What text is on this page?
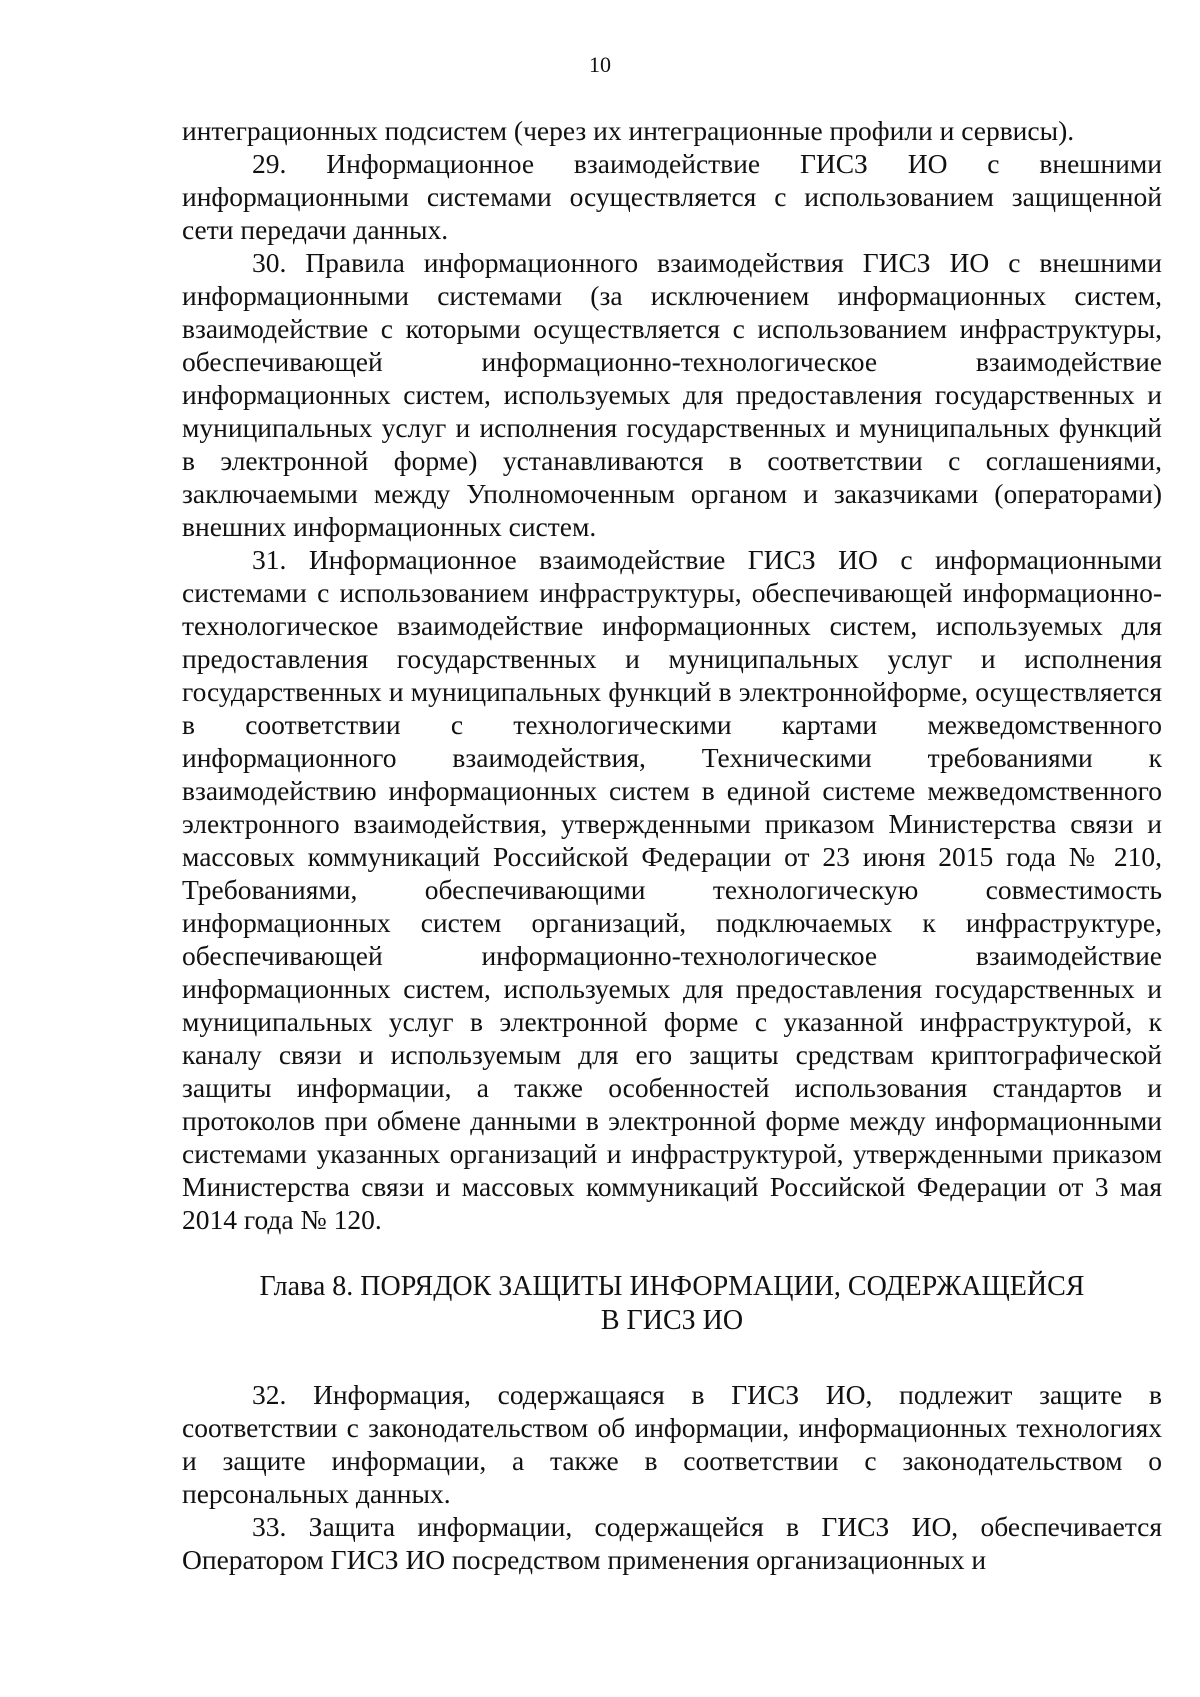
10

интеграционных подсистем (через их интеграционные профили и сервисы).

29. Информационное взаимодействие ГИСЗ ИО с внешними информационными системами осуществляется с использованием защищенной сети передачи данных.

30. Правила информационного взаимодействия ГИСЗ ИО с внешними информационными системами (за исключением информационных систем, взаимодействие с которыми осуществляется с использованием инфраструктуры, обеспечивающей информационно-технологическое взаимодействие информационных систем, используемых для предоставления государственных и муниципальных услуг и исполнения государственных и муниципальных функций в электронной форме) устанавливаются в соответствии с соглашениями, заключаемыми между Уполномоченным органом и заказчиками (операторами) внешних информационных систем.

31. Информационное взаимодействие ГИСЗ ИО с информационными системами с использованием инфраструктуры, обеспечивающей информационно-технологическое взаимодействие информационных систем, используемых для предоставления государственных и муниципальных услуг и исполнения государственных и муниципальных функций в электроннойформе, осуществляется в соответствии с технологическими картами межведомственного информационного взаимодействия, Техническими требованиями к взаимодействию информационных систем в единой системе межведомственного электронного взаимодействия, утвержденными приказом Министерства связи и массовых коммуникаций Российской Федерации от 23 июня 2015 года № 210, Требованиями, обеспечивающими технологическую совместимость информационных систем организаций, подключаемых к инфраструктуре, обеспечивающей информационно-технологическое взаимодействие информационных систем, используемых для предоставления государственных и муниципальных услуг в электронной форме с указанной инфраструктурой, к каналу связи и используемым для его защиты средствам криптографической защиты информации, а также особенностей использования стандартов и протоколов при обмене данными в электронной форме между информационными системами указанных организаций и инфраструктурой, утвержденными приказом Министерства связи и массовых коммуникаций Российской Федерации от 3 мая 2014 года № 120.

Глава 8. ПОРЯДОК ЗАЩИТЫ ИНФОРМАЦИИ, СОДЕРЖАЩЕЙСЯ
В ГИСЗ ИО

32. Информация, содержащаяся в ГИСЗ ИО, подлежит защите в соответствии с законодательством об информации, информационных технологиях и защите информации, а также в соответствии с законодательством о персональных данных.

33. Защита информации, содержащейся в ГИСЗ ИО, обеспечивается Оператором ГИСЗ ИО посредством применения организационных и
